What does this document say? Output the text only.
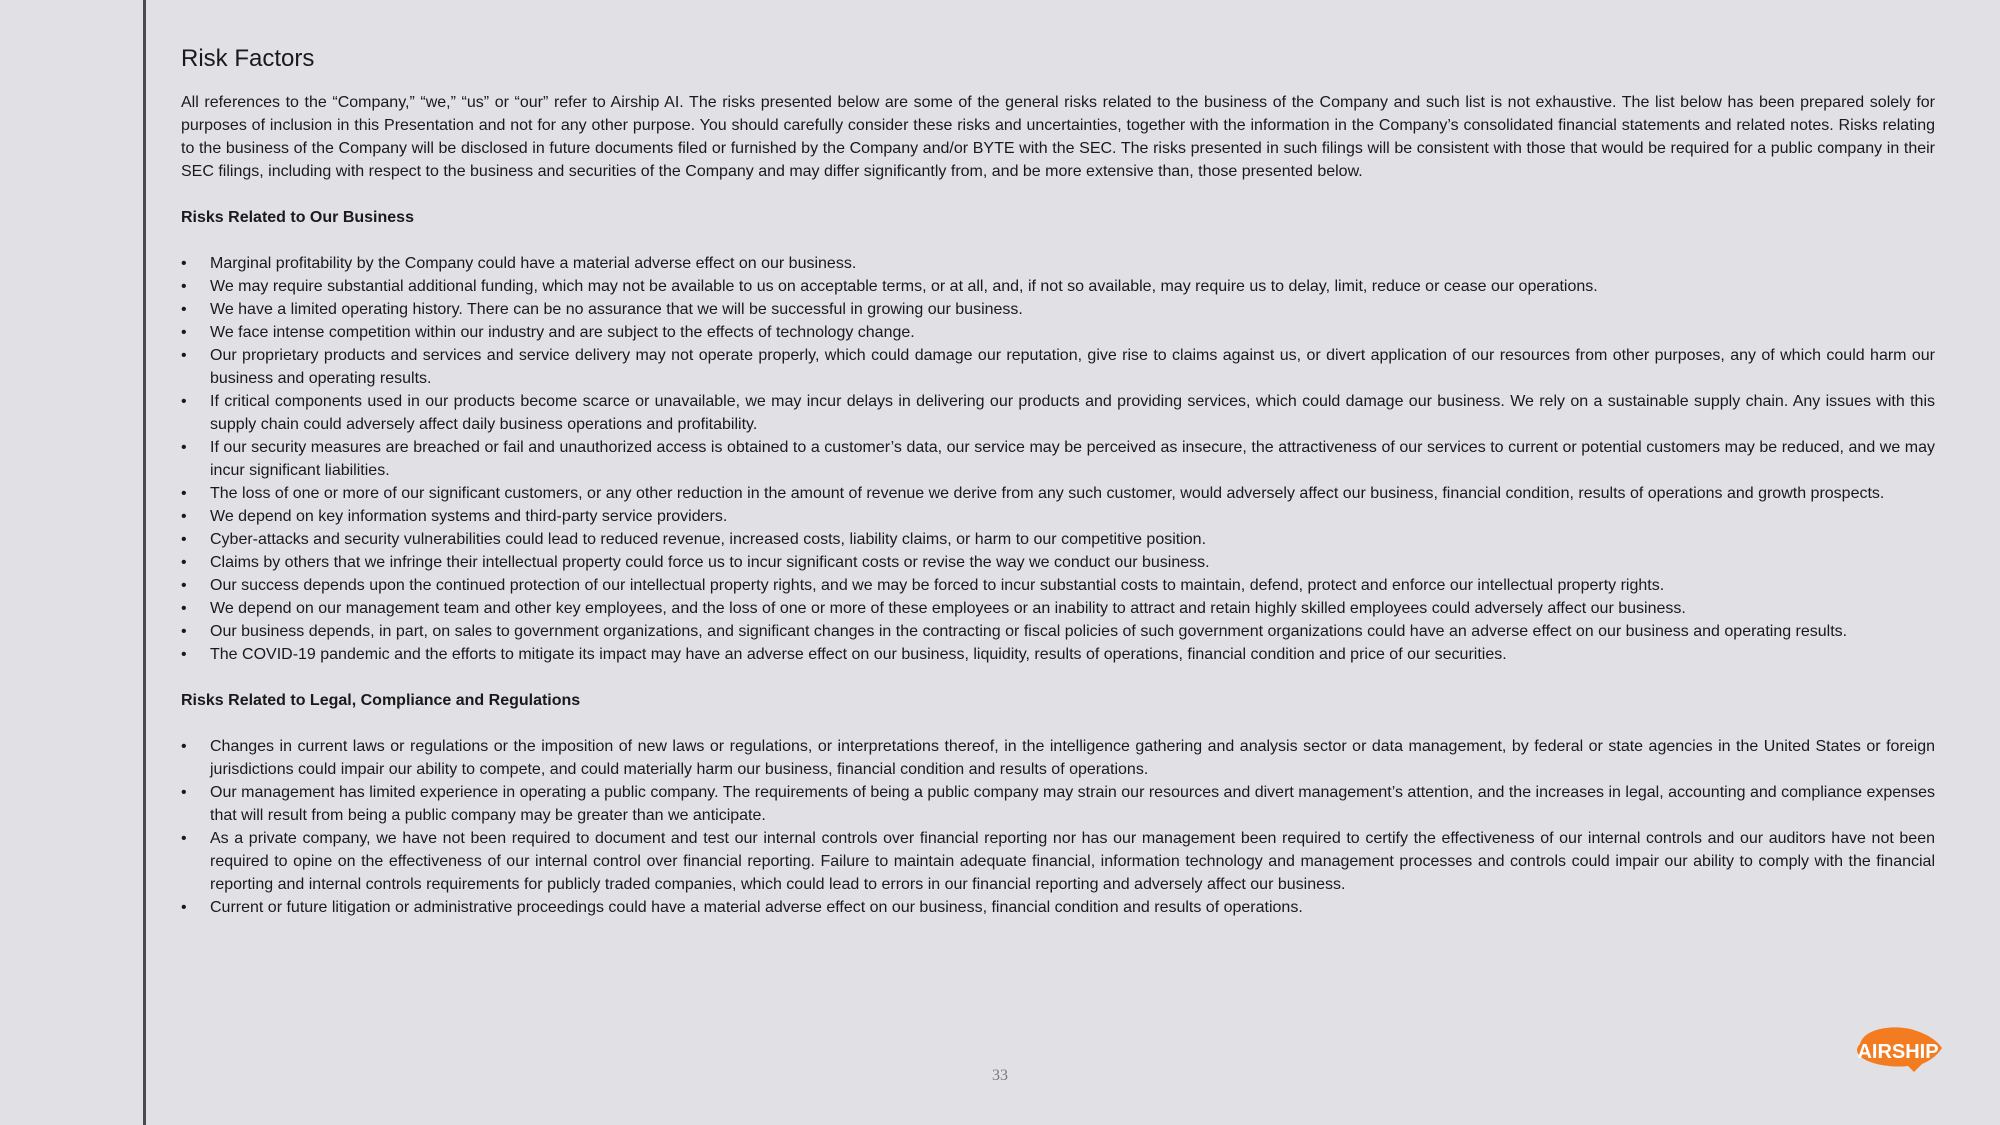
Risk Factors

All references to the “Company,” “we,” “us” or “our” refer to Airship AI. The risks presented below are some of the general risks related to the business of the Company and such list is not exhaustive. The list below has been prepared solely for purposes of inclusion in this Presentation and not for any other purpose. You should carefully consider these risks and uncertainties, together with the information in the Company’s consolidated financial statements and related notes. Risks relating to the business of the Company will be disclosed in future documents filed or furnished by the Company and/or BYTE with the SEC. The risks presented in such filings will be consistent with those that would be required for a public company in their SEC filings, including with respect to the business and securities of the Company and may differ significantly from, and be more extensive than, those presented below.

Risks Related to Our Business
• Marginal profitability by the Company could have a material adverse effect on our business.
• We may require substantial additional funding, which may not be available to us on acceptable terms, or at all, and, if not so available, may require us to delay, limit, reduce or cease our operations.
• We have a limited operating history. There can be no assurance that we will be successful in growing our business.
• We face intense competition within our industry and are subject to the effects of technology change.
• Our proprietary products and services and service delivery may not operate properly, which could damage our reputation, give rise to claims against us, or divert application of our resources from other purposes, any of which could harm our business and operating results.
• If critical components used in our products become scarce or unavailable, we may incur delays in delivering our products and providing services, which could damage our business. We rely on a sustainable supply chain. Any issues with this supply chain could adversely affect daily business operations and profitability.
• If our security measures are breached or fail and unauthorized access is obtained to a customer’s data, our service may be perceived as insecure, the attractiveness of our services to current or potential customers may be reduced, and we may incur significant liabilities.
• The loss of one or more of our significant customers, or any other reduction in the amount of revenue we derive from any such customer, would adversely affect our business, financial condition, results of operations and growth prospects.
• We depend on key information systems and third-party service providers.
• Cyber-attacks and security vulnerabilities could lead to reduced revenue, increased costs, liability claims, or harm to our competitive position.
• Claims by others that we infringe their intellectual property could force us to incur significant costs or revise the way we conduct our business.
• Our success depends upon the continued protection of our intellectual property rights, and we may be forced to incur substantial costs to maintain, defend, protect and enforce our intellectual property rights.
• We depend on our management team and other key employees, and the loss of one or more of these employees or an inability to attract and retain highly skilled employees could adversely affect our business.
• Our business depends, in part, on sales to government organizations, and significant changes in the contracting or fiscal policies of such government organizations could have an adverse effect on our business and operating results.
• The COVID-19 pandemic and the efforts to mitigate its impact may have an adverse effect on our business, liquidity, results of operations, financial condition and price of our securities.
Risks Related to Legal, Compliance and Regulations
• Changes in current laws or regulations or the imposition of new laws or regulations, or interpretations thereof, in the intelligence gathering and analysis sector or data management, by federal or state agencies in the United States or foreign jurisdictions could impair our ability to compete, and could materially harm our business, financial condition and results of operations.
• Our management has limited experience in operating a public company. The requirements of being a public company may strain our resources and divert management’s attention, and the increases in legal, accounting and compliance expenses that will result from being a public company may be greater than we anticipate.
• As a private company, we have not been required to document and test our internal controls over financial reporting nor has our management been required to certify the effectiveness of our internal controls and our auditors have not been required to opine on the effectiveness of our internal control over financial reporting. Failure to maintain adequate financial, information technology and management processes and controls could impair our ability to comply with the financial reporting and internal controls requirements for publicly traded companies, which could lead to errors in our financial reporting and adversely affect our business.
• Current or future litigation or administrative proceedings could have a material adverse effect on our business, financial condition and results of operations.
33
AIRSHIP
